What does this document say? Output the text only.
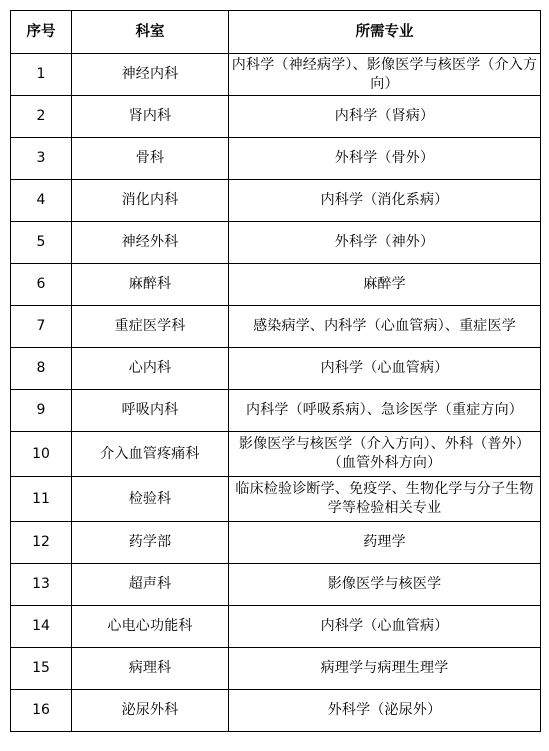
序号	科室	所需专业
1	神经内科	内科学（神经病学）、影像医学与核医学（介入方向）
2	肾内科	内科学（肾病）
3	骨科	外科学（骨外）
4	消化内科	内科学（消化系病）
5	神经外科	外科学（神外）
6	麻醉科	麻醉学
7	重症医学科	感染病学、内科学（心血管病）、重症医学
8	心内科	内科学（心血管病）
9	呼吸内科	内科学（呼吸系病）、急诊医学（重症方向）
10	介入血管疼痛科	影像医学与核医学（介入方向）、外科（普外）（血管外科方向）
11	检验科	临床检验诊断学、免疫学、生物化学与分子生物学等检验相关专业
12	药学部	药理学
13	超声科	影像医学与核医学
14	心电心功能科	内科学（心血管病）
15	病理科	病理学与病理生理学
16	泌尿外科	外科学（泌尿外）
